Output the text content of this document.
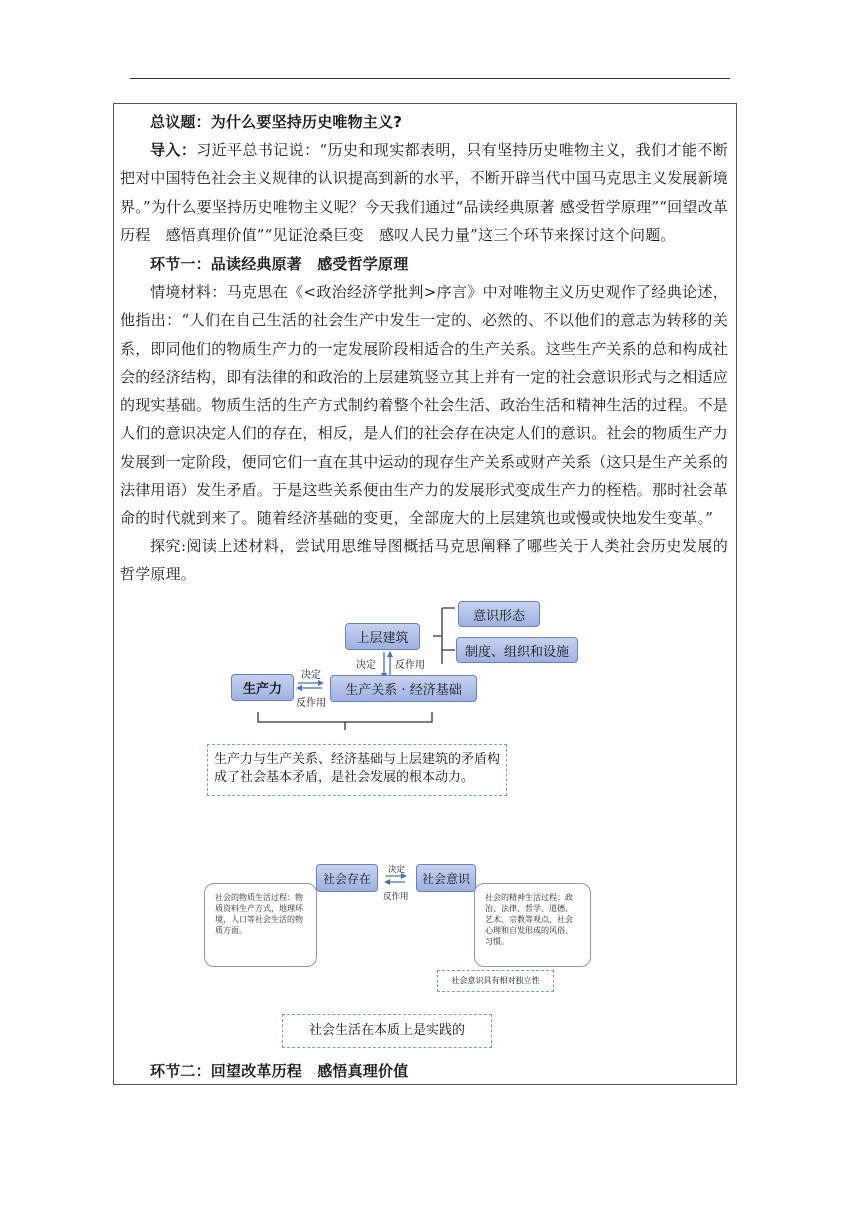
总议题：为什么要坚持历史唯物主义?

导入：习近平总书记说：“历史和现实都表明，只有坚持历史唯物主义，我们才能不断把对中国特色社会主义规律的认识提高到新的水平，不断开辟当代中国马克思主义发展新境界。”为什么要坚持历史唯物主义呢？今天我们通过“品读经典原著 感受哲学原理”“回望改革历程　感悟真理价值”“见证沧桑巨变　感叹人民力量”这三个环节来探讨这个问题。

环节一：品读经典原著　感受哲学原理

情境材料：马克思在《<政治经济学批判>序言》中对唯物主义历史观作了经典论述，他指出：“人们在自己生活的社会生产中发生一定的、必然的、不以他们的意志为转移的关系，即同他们的物质生产力的一定发展阶段相适合的生产关系。这些生产关系的总和构成社会的经济结构，即有法律的和政治的上层建筑竖立其上并有一定的社会意识形式与之相适应的现实基础。物质生活的生产方式制约着整个社会生活、政治生活和精神生活的过程。不是人们的意识决定人们的存在，相反，是人们的社会存在决定人们的意识。社会的物质生产力发展到一定阶段，便同它们一直在其中运动的现存生产关系或财产关系（这只是生产关系的法律用语）发生矛盾。于是这些关系便由生产力的发展形式变成生产力的桎梏。那时社会革命的时代就到来了。随着经济基础的变更，全部庞大的上层建筑也或慢或快地发生变革。”

探究:阅读上述材料，尝试用思维导图概括马克思阐释了哪些关于人类社会历史发展的哲学原理。

上层建筑
意识形态
制度、组织和设施
决定 反作用
生产力
决定
反作用
生产关系 · 经济基础
生产力与生产关系、经济基础与上层建筑的矛盾构成了社会基本矛盾，是社会发展的根本动力。
社会存在
决定
反作用
社会意识
社会的物质生活过程：物质资料生产方式，地理环境，人口等社会生活的物质方面。
社会的精神生活过程：政治、法律、哲学、道德、艺术、宗教等观点，社会心理和自发形成的风俗、习惯。
社会意识具有相对独立性
社会生活在本质上是实践的

环节二：回望改革历程　感悟真理价值
